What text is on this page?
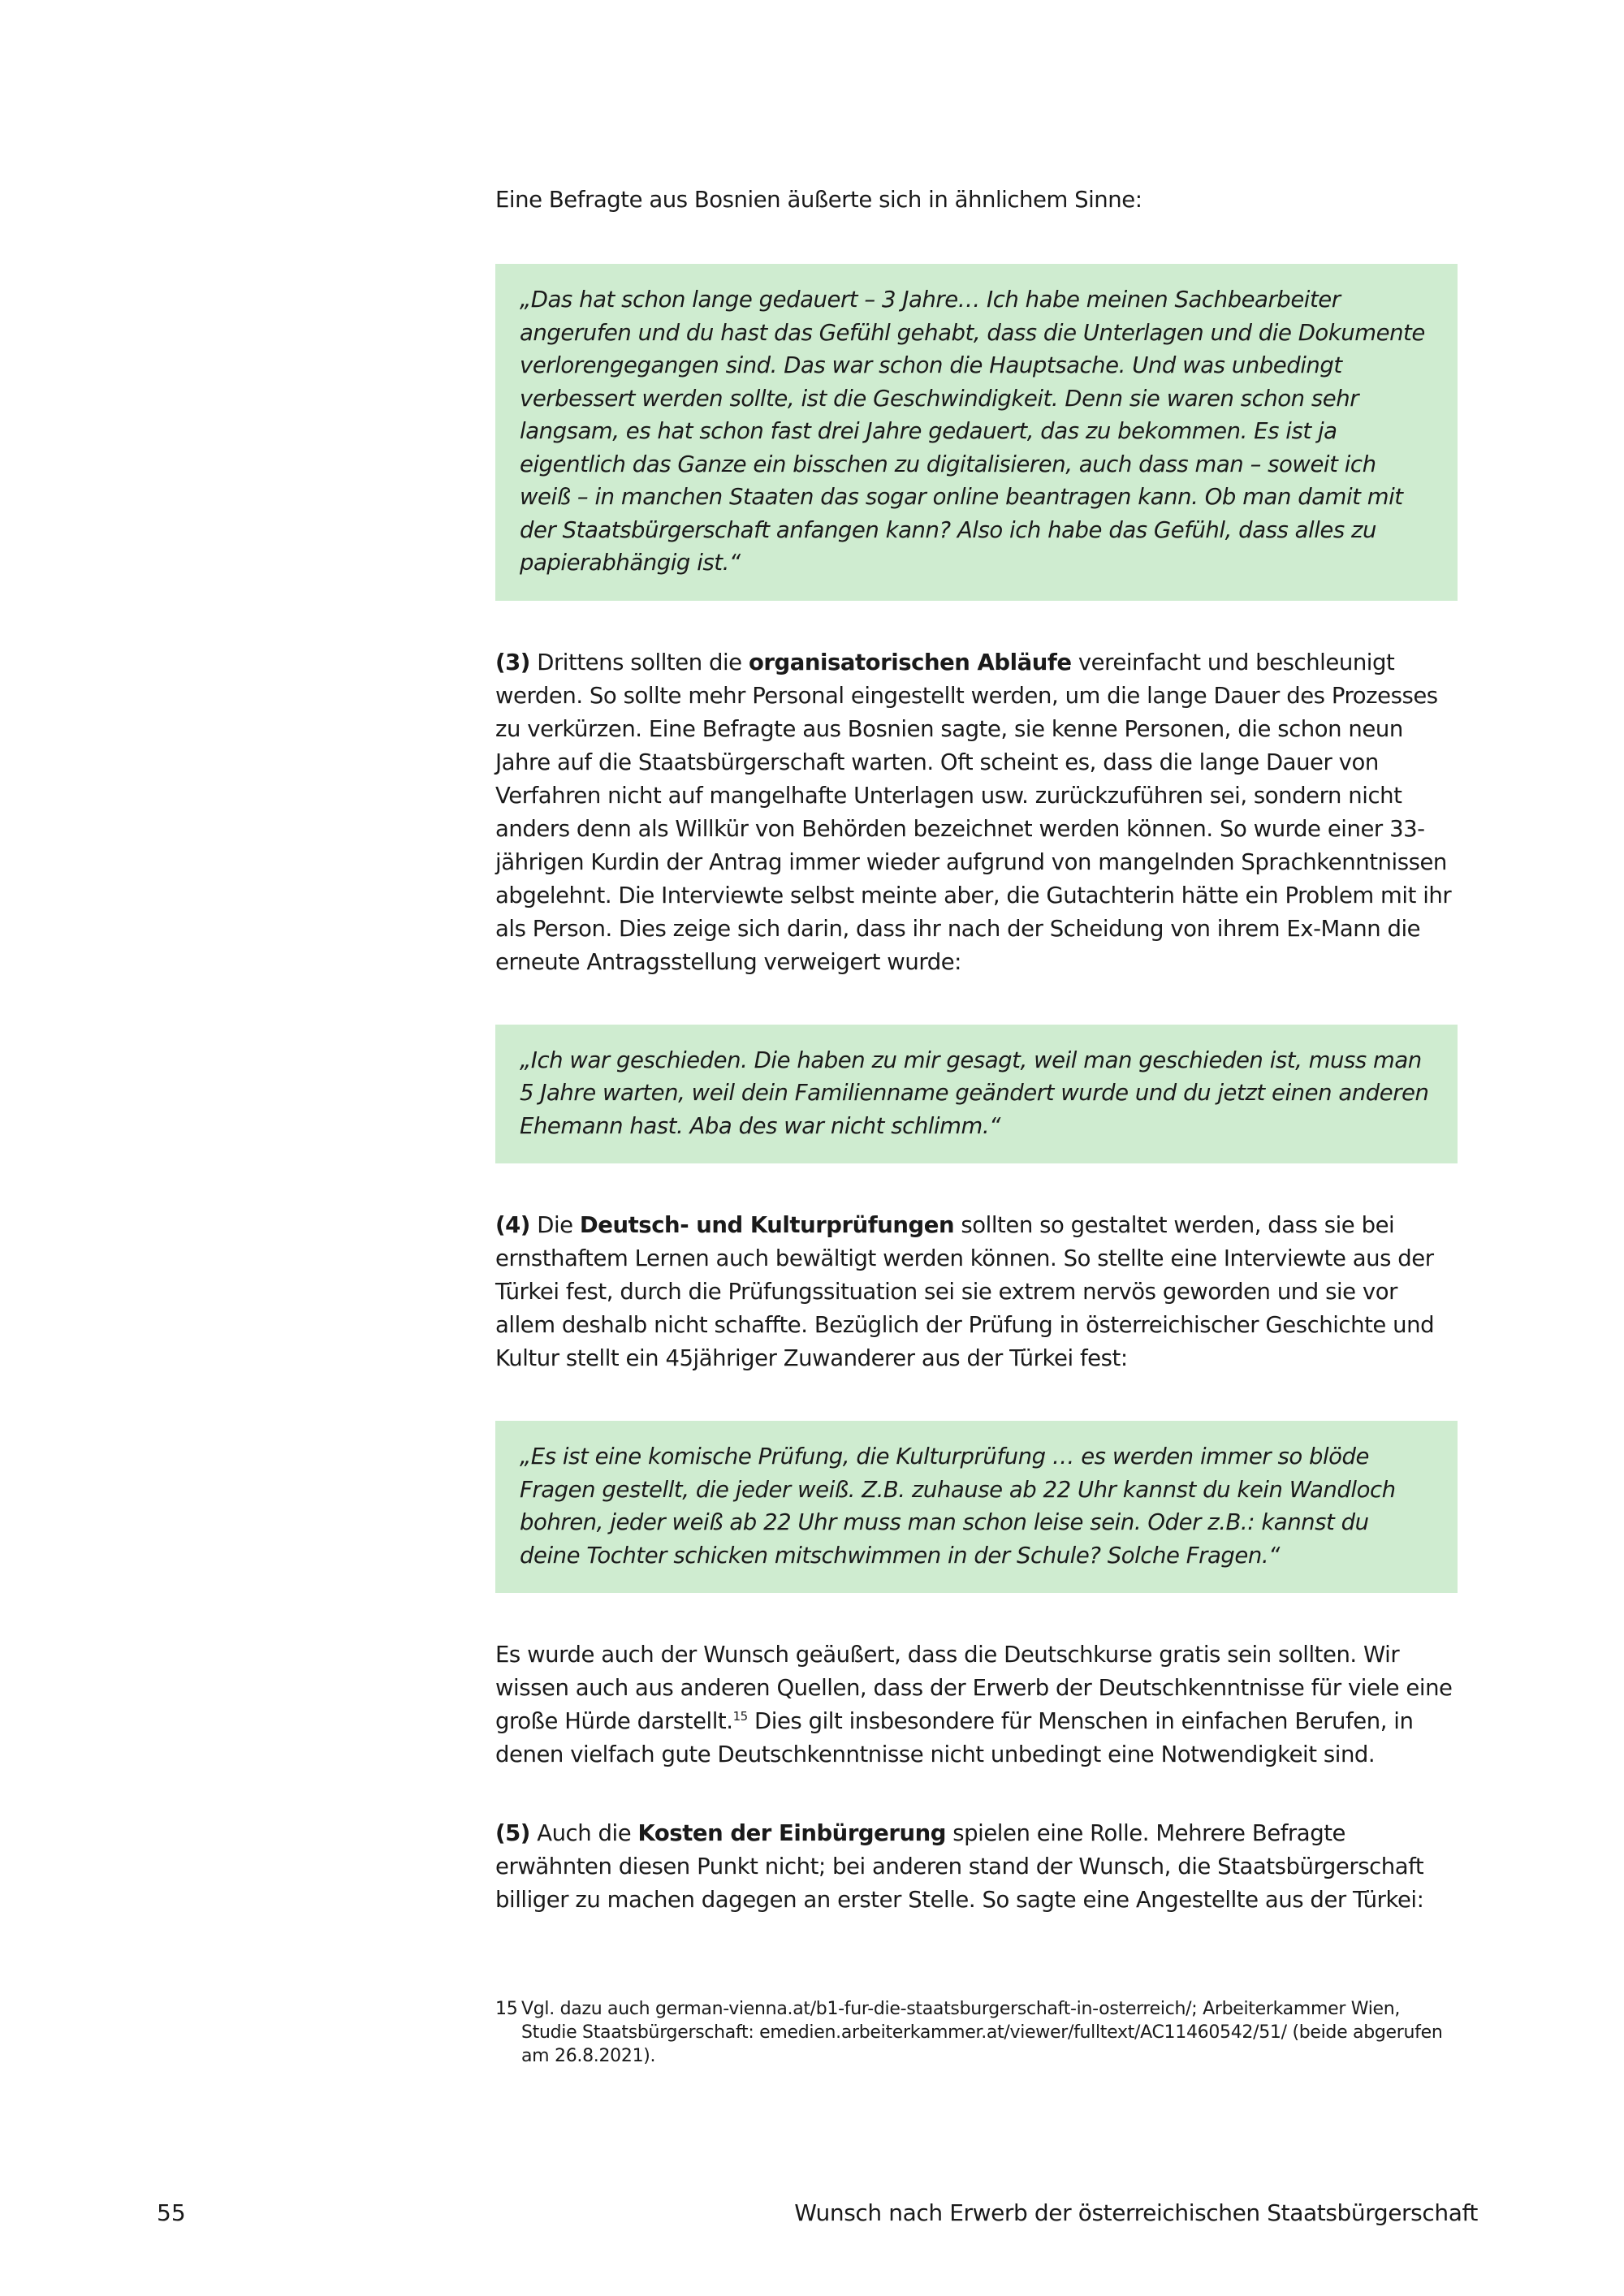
Eine Befragte aus Bosnien äußerte sich in ähnlichem Sinne:

„Das hat schon lange gedauert – 3 Jahre… Ich habe meinen Sachbearbeiter angerufen und du hast das Gefühl gehabt, dass die Unterlagen und die Dokumente verlorengegangen sind. Das war schon die Hauptsache. Und was unbedingt verbessert werden sollte, ist die Geschwindigkeit. Denn sie waren schon sehr langsam, es hat schon fast drei Jahre gedauert, das zu bekommen. Es ist ja eigentlich das Ganze ein bisschen zu digitalisieren, auch dass man – soweit ich weiß – in manchen Staaten das sogar online beantragen kann. Ob man damit mit der Staatsbürgerschaft anfangen kann? Also ich habe das Gefühl, dass alles zu papierabhängig ist.“

(3) Drittens sollten die organisatorischen Abläufe vereinfacht und beschleunigt werden. So sollte mehr Personal eingestellt werden, um die lange Dauer des Prozesses zu verkürzen. Eine Befragte aus Bosnien sagte, sie kenne Personen, die schon neun Jahre auf die Staatsbürgerschaft warten. Oft scheint es, dass die lange Dauer von Verfahren nicht auf mangelhafte Unterlagen usw. zurückzuführen sei, sondern nicht anders denn als Willkür von Behörden bezeichnet werden können. So wurde einer 33-jährigen Kurdin der Antrag immer wieder aufgrund von mangelnden Sprachkenntnissen abgelehnt. Die Interviewte selbst meinte aber, die Gutachterin hätte ein Problem mit ihr als Person. Dies zeige sich darin, dass ihr nach der Scheidung von ihrem Ex-Mann die erneute Antragsstellung verweigert wurde:

„Ich war geschieden. Die haben zu mir gesagt, weil man geschieden ist, muss man 5 Jahre warten, weil dein Familienname geändert wurde und du jetzt einen anderen Ehemann hast. Aba des war nicht schlimm.“

(4) Die Deutsch- und Kulturprüfungen sollten so gestaltet werden, dass sie bei ernsthaftem Lernen auch bewältigt werden können. So stellte eine Interviewte aus der Türkei fest, durch die Prüfungssituation sei sie extrem nervös geworden und sie vor allem deshalb nicht schaffte. Bezüglich der Prüfung in österreichischer Geschichte und Kultur stellt ein 45jähriger Zuwanderer aus der Türkei fest:

„Es ist eine komische Prüfung, die Kulturprüfung … es werden immer so blöde Fragen gestellt, die jeder weiß. Z.B. zuhause ab 22 Uhr kannst du kein Wandloch bohren, jeder weiß ab 22 Uhr muss man schon leise sein. Oder z.B.: kannst du deine Tochter schicken mitschwimmen in der Schule? Solche Fragen.“

Es wurde auch der Wunsch geäußert, dass die Deutschkurse gratis sein sollten. Wir wissen auch aus anderen Quellen, dass der Erwerb der Deutschkenntnisse für viele eine große Hürde darstellt.$^{15}$ Dies gilt insbesondere für Menschen in einfachen Berufen, in denen vielfach gute Deutschkenntnisse nicht unbedingt eine Notwendigkeit sind.

(5) Auch die Kosten der Einbürgerung spielen eine Rolle. Mehrere Befragte erwähnten diesen Punkt nicht; bei anderen stand der Wunsch, die Staatsbürgerschaft billiger zu machen dagegen an erster Stelle. So sagte eine Angestellte aus der Türkei:

15 Vgl. dazu auch german-vienna.at/b1-fur-die-staatsburgerschaft-in-osterreich/; Arbeiterkammer Wien, Studie Staatsbürgerschaft: emedien.arbeiterkammer.at/viewer/fulltext/AC11460542/51/ (beide abgerufen am 26.8.2021).
55	Wunsch nach Erwerb der österreichischen Staatsbürgerschaft
